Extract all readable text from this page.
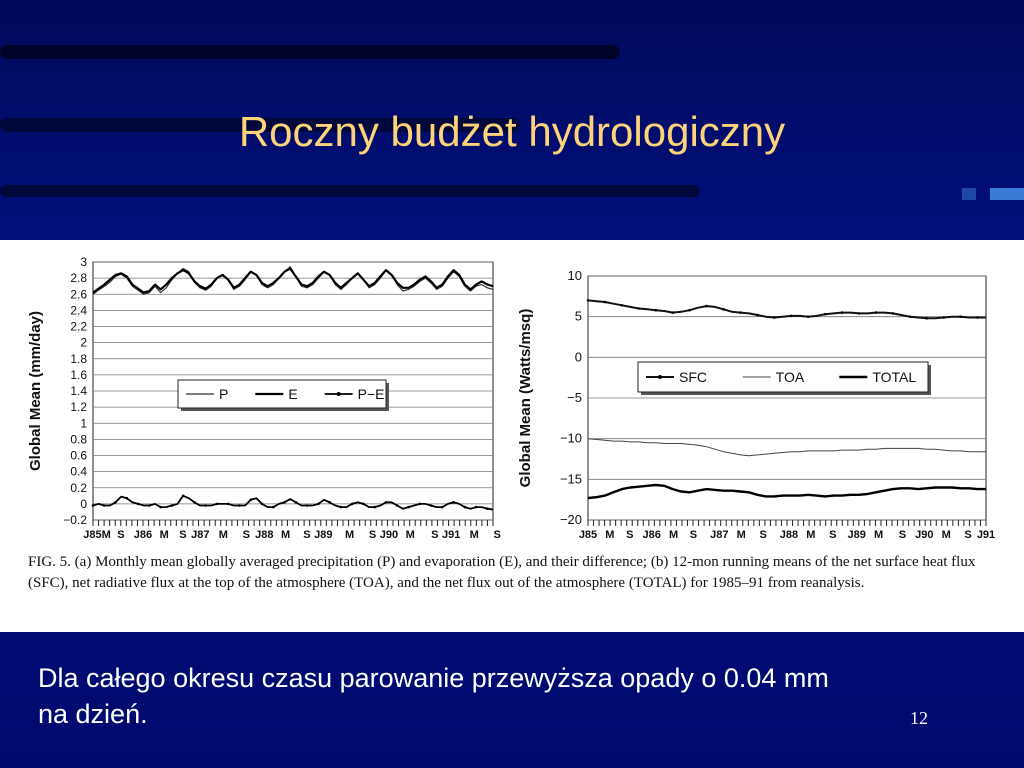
Roczny budżet hydrologiczny
3
2.8
2.6
2.4
2.2
2
1.8
1.6
1.4
1.2
1
0.8
0.6
0.4
0.2
0
−0.2
J85M S J86 M S J87 M S J88 M S J89 M S J90 M S J91 M S
Global Mean (mm/day)	P	E	P−E
10
5
0
−5
−10
−15
−20
J85 M S J86 M S J87 M S J88 M S J89 M S J90 M S J91
Global Mean (Watts/msq)	SFC	TOA	TOTAL
FIG. 5. (a) Monthly mean globally averaged precipitation (P) and evaporation (E), and their difference; (b) 12-mon running means of the net surface heat flux (SFC), net radiative flux at the top of the atmosphere (TOA), and the net flux out of the atmosphere (TOTAL) for 1985–91 from reanalysis.
Dla całego okresu czasu parowanie przewyższa opady o 0.04 mm na dzień.	12
